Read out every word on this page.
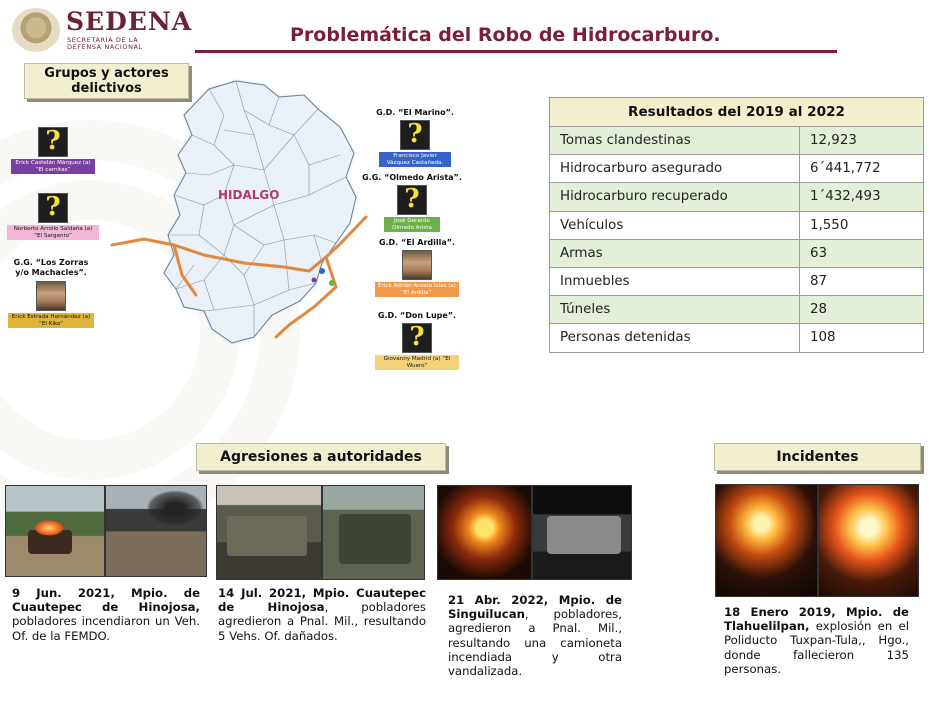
SEDENA
SECRETARÍA DE LA
DEFENSA NACIONAL
Problemática del Robo de Hidrocarburo.
Grupos y actores delictivos
HIDALGO
?
Erick Castelán Márquez (a) “El carnitas”
?
Norberto Arrollo Saldaña (a) “El Sargento”
G.G. “Los Zorras y/o Machacles”.
Erick Estrada Hernández (a) “El Kiko”
G.D. “El Marino”.
?
Francisco Javier Vázquez Castañeda.
G.G. “Olmedo Arista”.
?
José Gerardo Olmedo Arista
G.D. “El Ardilla”.
Erick Adrián Acosta Islas (a) “El Ardilla”.
G.D. “Don Lupe”.
?
Giovanny Madrid (a) “El Wuero”
Resultados del 2019 al 2022	
Tomas clandestinas	12,923
Hidrocarburo asegurado	6´441,772
Hidrocarburo recuperado	1´432,493
Vehículos	1,550
Armas	63
Inmuebles	87
Túneles	28
Personas detenidas	108
Agresiones a autoridades	Incidentes
9 Jun. 2021, Mpio. de Cuautepec de Hinojosa, pobladores incendiaron un Veh. Of. de la FEMDO.
14 Jul. 2021, Mpio. Cuautepec de Hinojosa, pobladores agredieron a Pnal. Mil., resultando 5 Vehs. Of. dañados.
21 Abr. 2022, Mpio. de Singuilucan, pobladores, agredieron a Pnal. Mil., resultando una camioneta incendiada y otra vandalizada.
18 Enero 2019, Mpio. de Tlahuelilpan, explosión en el Poliducto Tuxpan-Tula,, Hgo., donde fallecieron 135 personas.
